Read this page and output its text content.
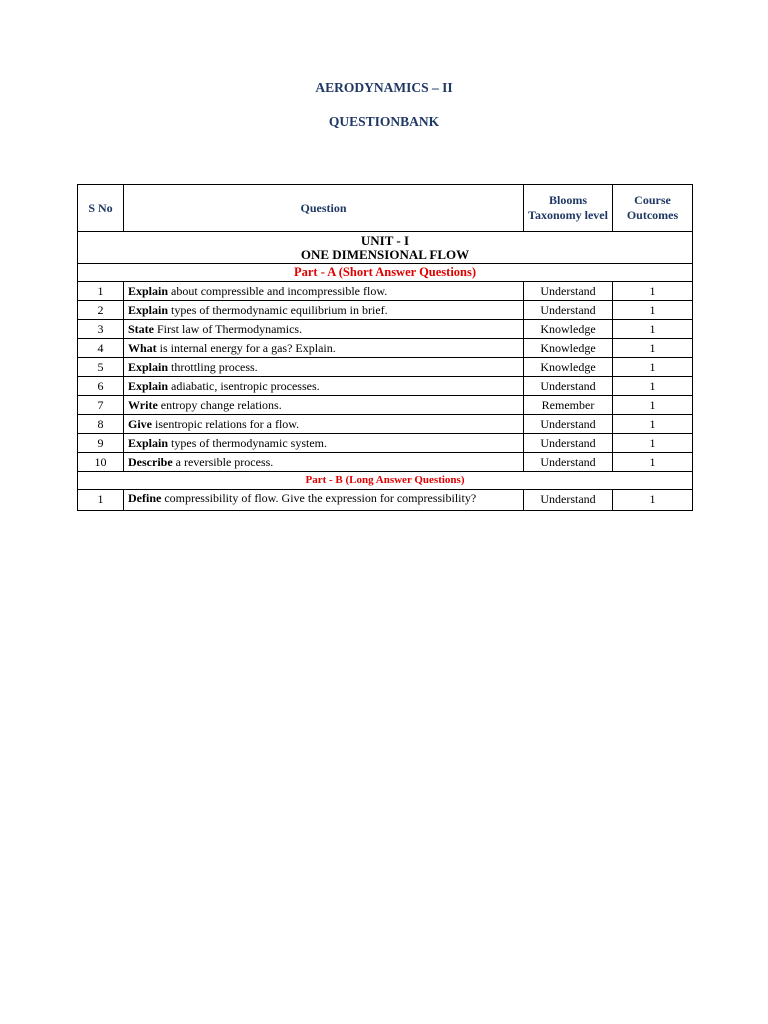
AERODYNAMICS – II
QUESTIONBANK
S No	Question	Blooms Taxonomy level	Course Outcomes

UNIT - I
ONE DIMENSIONAL FLOW			

Part - A (Short Answer Questions)			
1	Explain about compressible and incompressible flow.	Understand	1
2	Explain types of thermodynamic equilibrium in brief.	Understand	1
3	State First law of Thermodynamics.	Knowledge	1
4	What is internal energy for a gas? Explain.	Knowledge	1
5	Explain throttling process.	Knowledge	1
6	Explain adiabatic, isentropic processes.	Understand	1
7	Write entropy change relations.	Remember	1
8	Give isentropic relations for a flow.	Understand	1
9	Explain types of thermodynamic system.	Understand	1
10	Describe a reversible process.	Understand	1
Part - B (Long Answer Questions)			
1	Define compressibility of flow. Give the expression for compressibility?	Understand	1
